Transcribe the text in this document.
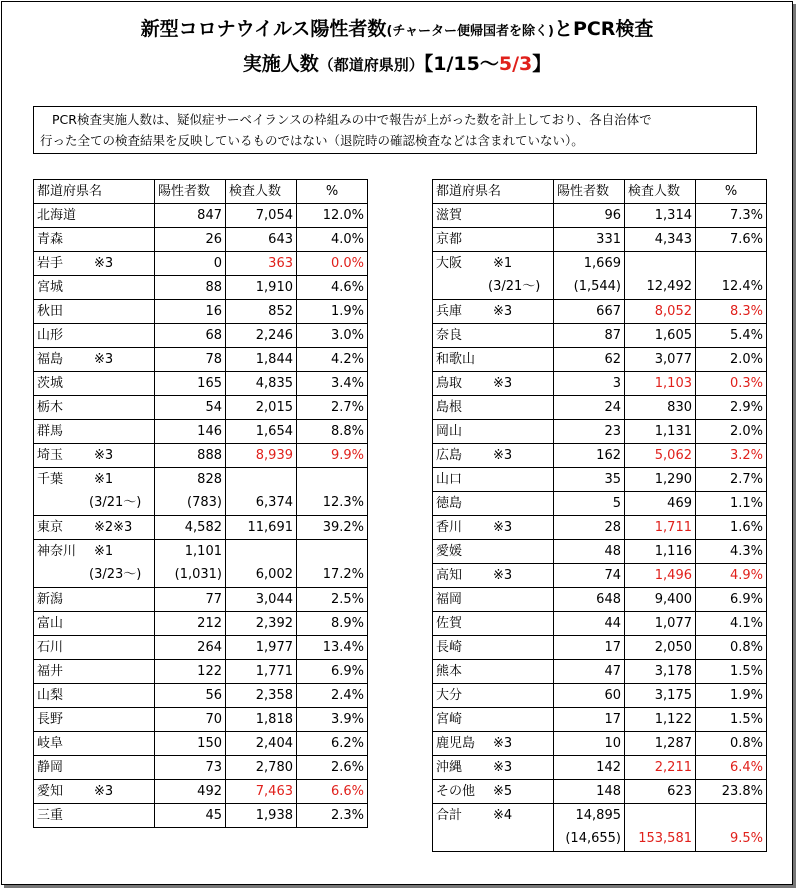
新型コロナウイルス陽性者数(チャーター便帰国者を除く)とPCR検査
実施人数（都道府県別）【1/15〜5/3】

PCR検査実施人数は、疑似症サーベイランスの枠組みの中で報告が上がった数を計上しており、各自治体で

行った全ての検査結果を反映しているものではない（退院時の確認検査などは含まれていない）。

都道府県名	陽性者数	検査人数	%
北海道	847	7,054	12.0%
青森	26	643	4.0%
岩手 ※3	0	363	0.0%
宮城	88	1,910	4.6%
秋田	16	852	1.9%
山形	68	2,246	3.0%
福島 ※3	78	1,844	4.2%
茨城	165	4,835	3.4%
栃木	54	2,015	2.7%
群馬	146	1,654	8.8%
埼玉 ※3	888	8,939	9.9%
千葉 ※1	828		
(3/21〜)	(783)	6,374	12.3%
東京 ※2※3	4,582	11,691	39.2%
神奈川 ※1	1,101		
(3/23〜)	(1,031)	6,002	17.2%
新潟	77	3,044	2.5%
富山	212	2,392	8.9%
石川	264	1,977	13.4%
福井	122	1,771	6.9%
山梨	56	2,358	2.4%
長野	70	1,818	3.9%
岐阜	150	2,404	6.2%
静岡	73	2,780	2.6%
愛知 ※3	492	7,463	6.6%
三重	45	1,938	2.3%
都道府県名	陽性者数	検査人数	%
滋賀	96	1,314	7.3%
京都	331	4,343	7.6%
大阪 ※1	1,669		
(3/21〜)	(1,544)	12,492	12.4%
兵庫 ※3	667	8,052	8.3%
奈良	87	1,605	5.4%
和歌山	62	3,077	2.0%
鳥取 ※3	3	1,103	0.3%
島根	24	830	2.9%
岡山	23	1,131	2.0%
広島 ※3	162	5,062	3.2%
山口	35	1,290	2.7%
徳島	5	469	1.1%
香川 ※3	28	1,711	1.6%
愛媛	48	1,116	4.3%
高知 ※3	74	1,496	4.9%
福岡	648	9,400	6.9%
佐賀	44	1,077	4.1%
長崎	17	2,050	0.8%
熊本	47	3,178	1.5%
大分	60	3,175	1.9%
宮崎	17	1,122	1.5%
鹿児島 ※3	10	1,287	0.8%
沖縄 ※3	142	2,211	6.4%
その他 ※5	148	623	23.8%
合計 ※4	14,895		
	(14,655)	153,581	9.5%
